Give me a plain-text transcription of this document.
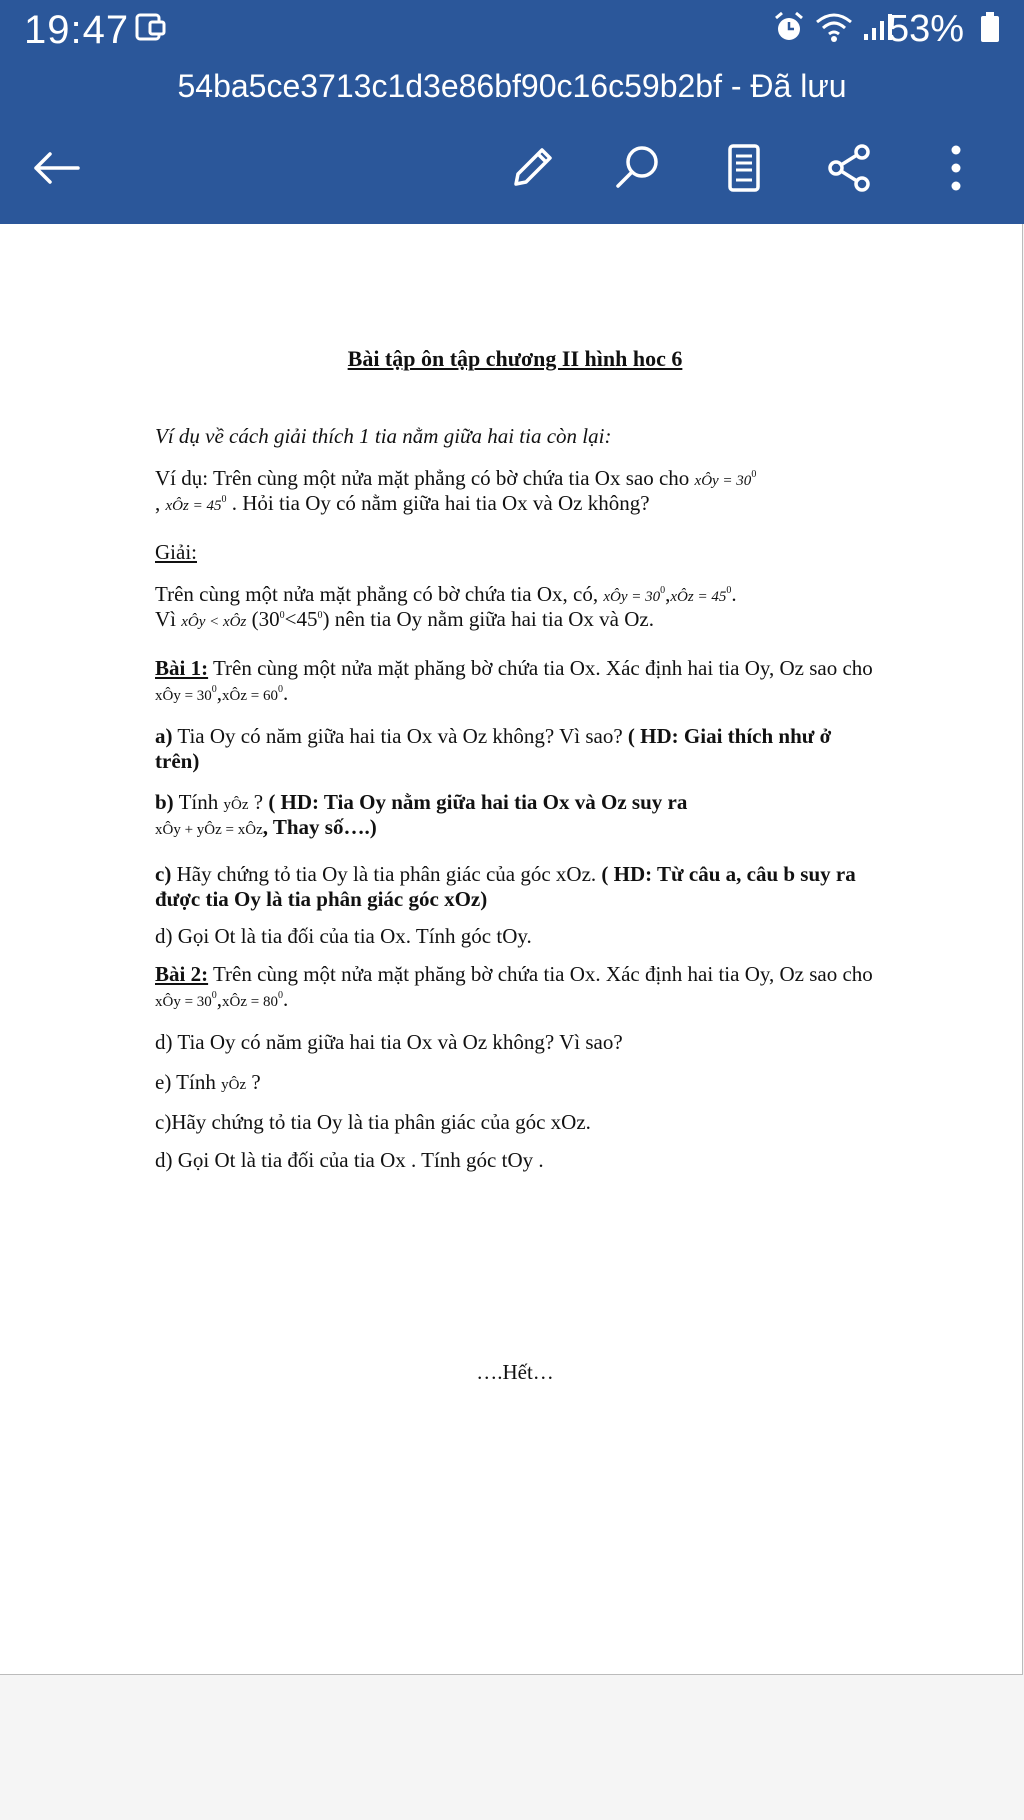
19:47	53%
54ba5ce3713c1d3e86bf90c16c59b2bf - Đã lưu

Bài tập ôn tập chương II hình hoc 6

Ví dụ về cách giải thích 1 tia nằm giữa hai tia còn lại:

Ví dụ: Trên cùng một nửa mặt phẳng có bờ chứa tia Ox sao cho xÔy = $30^0$
, xÔz = $45^0$ . Hỏi tia Oy có nằm giữa hai tia Ox và Oz không?

Giải:

Trên cùng một nửa mặt phẳng có bờ chứa tia Ox, có, xÔy = $30^0,xÔz = 45^0$.
Vì xÔy < xÔz $(30^0<45^0)$ nên tia Oy nằm giữa hai tia Ox và Oz.

Bài 1: Trên cùng một nửa mặt phăng bờ chứa tia Ox. Xác định hai tia Oy, Oz sao cho xÔy = $30^0,xÔz = 60^0$.

a) Tia Oy có năm giữa hai tia Ox và Oz không? Vì sao? ( HD: Giai thích như ở trên)

b) Tính yÔz ? ( HD: Tia Oy nằm giữa hai tia Ox và Oz suy ra
xÔy + yÔz = xÔz, Thay số….)

c) Hãy chứng tỏ tia Oy là tia phân giác của góc xOz. ( HD: Từ câu a, câu b suy ra được tia Oy là tia phân giác góc xOz)

d) Gọi Ot là tia đối của tia Ox. Tính góc tOy.

Bài 2: Trên cùng một nửa mặt phăng bờ chứa tia Ox. Xác định hai tia Oy, Oz sao cho xÔy = $30^0,xÔz = 80^0$.

d) Tia Oy có năm giữa hai tia Ox và Oz không? Vì sao?

e) Tính yÔz ?

c)Hãy chứng tỏ tia Oy là tia phân giác của góc xOz.

d) Gọi Ot là tia đối của tia Ox . Tính góc tOy .

….Hết…
